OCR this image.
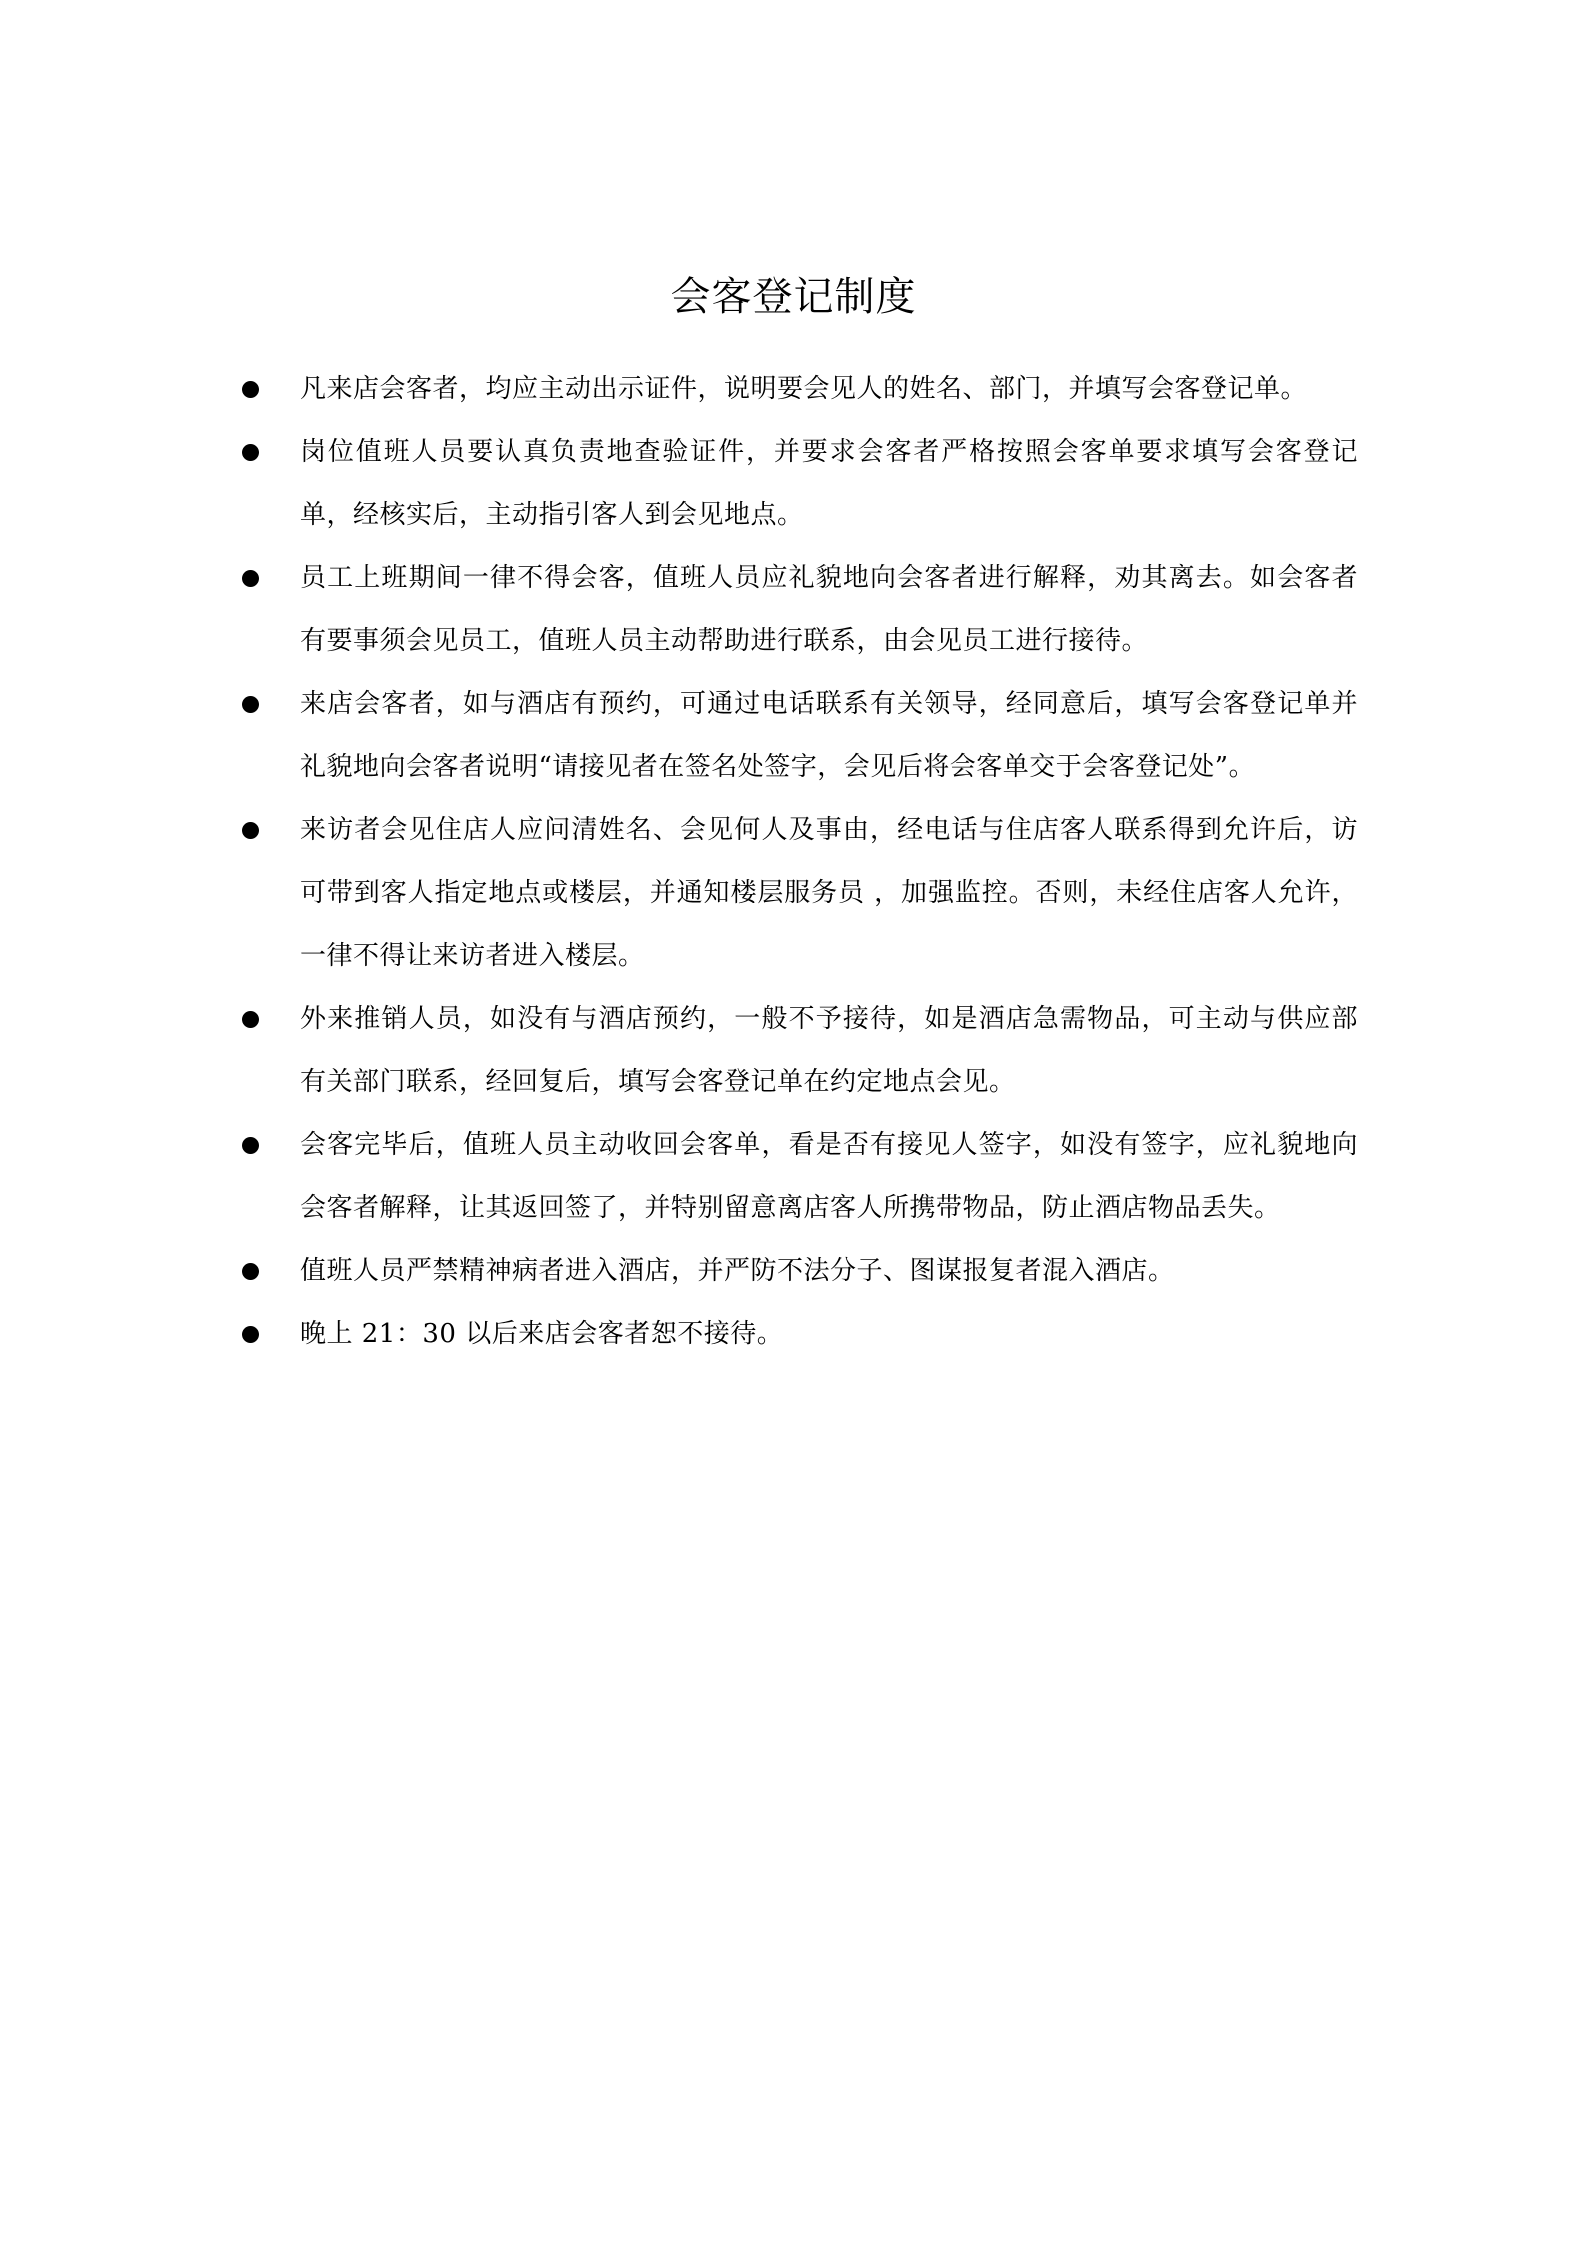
会客登记制度
凡来店会客者，均应主动出示证件，说明要会见人的姓名、部门，并填写会客登记单。
岗位值班人员要认真负责地查验证件，并要求会客者严格按照会客单要求填写会客登记单，经核实后，主动指引客人到会见地点。
员工上班期间一律不得会客，值班人员应礼貌地向会客者进行解释，劝其离去。如会客者有要事须会见员工，值班人员主动帮助进行联系，由会见员工进行接待。
来店会客者，如与酒店有预约，可通过电话联系有关领导，经同意后，填写会客登记单并礼貌地向会客者说明“请接见者在签名处签字，会见后将会客单交于会客登记处”。
来访者会见住店人应问清姓名、会见何人及事由，经电话与住店客人联系得到允许后，访可带到客人指定地点或楼层，并通知楼层服务员 ，加强监控。否则，未经住店客人允许，一律不得让来访者进入楼层。
外来推销人员，如没有与酒店预约，一般不予接待，如是酒店急需物品，可主动与供应部有关部门联系，经回复后，填写会客登记单在约定地点会见。
会客完毕后，值班人员主动收回会客单，看是否有接见人签字，如没有签字，应礼貌地向会客者解释，让其返回签了，并特别留意离店客人所携带物品，防止酒店物品丢失。
值班人员严禁精神病者进入酒店，并严防不法分子、图谋报复者混入酒店。
晚上 21：30 以后来店会客者恕不接待。
